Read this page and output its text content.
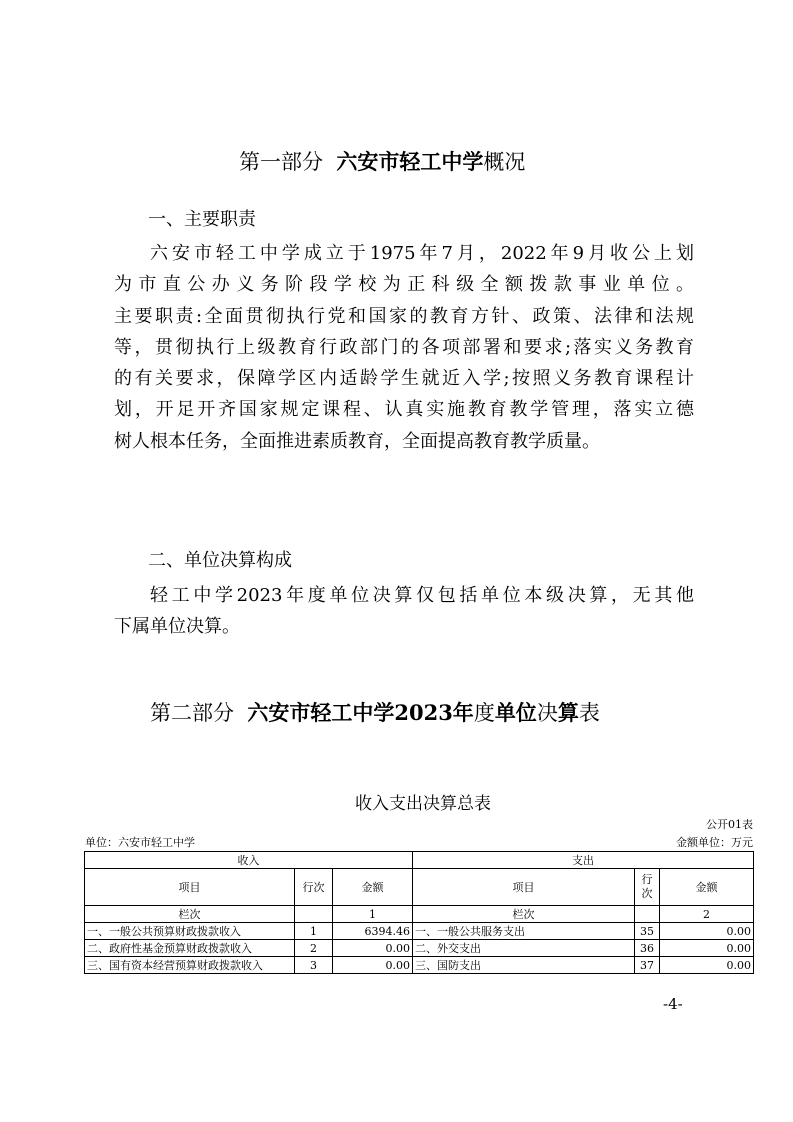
第一部分 六安市轻工中学概况
一、主要职责

六安市轻工中学成立于1975年7月，2022年9月收公上划

为市直公办义务阶段学校为正科级全额拨款事业单位。

主要职责:全面贯彻执行党和国家的教育方针、政策、法律和法规

等，贯彻执行上级教育行政部门的各项部署和要求;落实义务教育

的有关要求，保障学区内适龄学生就近入学;按照义务教育课程计

划，开足开齐国家规定课程、认真实施教育教学管理，落实立德

树人根本任务，全面推进素质教育，全面提高教育教学质量。

二、单位决算构成

轻工中学2023年度单位决算仅包括单位本级决算，无其他

下属单位决算。

第二部分 六安市轻工中学2023年度单位决算表
收入支出决算总表
公开01表
单位：六安市轻工中学	金额单位：万元
收入			支出		
项目	行次	金额	项目	行次	金额
栏次		1	栏次		2
一、一般公共预算财政拨款收入	1	6394.46	一、一般公共服务支出	35	0.00
二、政府性基金预算财政拨款收入	2	0.00	二、外交支出	36	0.00
三、国有资本经营预算财政拨款收入	3	0.00	三、国防支出	37	0.00
-4-
